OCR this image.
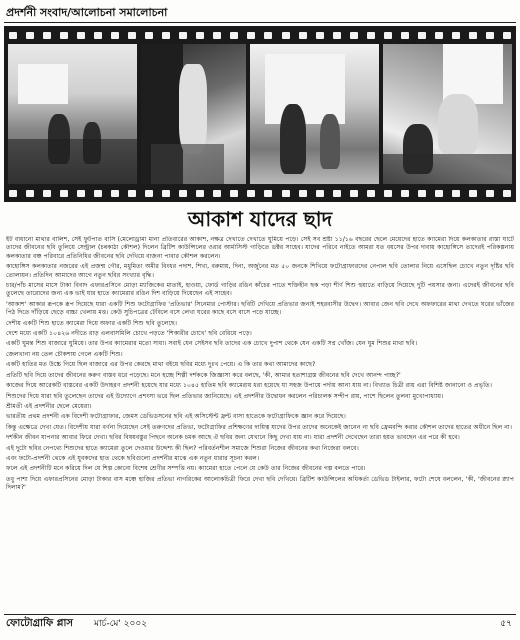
প্রদর্শনী সংবাদ/আলোচনা সমালোচনা
আকাশ যাদের ছাদ

ইট বাধানো মাথার বালিশ, সেই ফুটপাত বাসি (মেলোড্রামা মানা প্রতিবারের আকাশ, নক্ষত্র দেখাতে দেখাতে ঘুমিয়ে পড়ে। সেই সব শ্রষ্টা ১১/১৬ বছরের ছেলে মেয়েদের হাতে ক্যামেরা দিয়ে কলকাতার রাস্তা ঘাটে তাদের জীবনের ছবি তুলিয়ে সেন্ট্রাল (চৰকাঠা কৌশল) দিলেন ব্রিটিশ কাউন্সিলের ওরার আর্মাসিস্ট গাড়িতে ডক্টর সাহেব। যাদের পরিবে নাইতে আমরা যত বয়সের উপর দাবায় কাহোঙ্গিসে তাদেরই পরিকল্পনায় কলকাতার বঞ্চ পরিবারে প্রতিনিধির জীবনের ছবি দেখিয়ে বাজনা পাবার কৌশল করলেন।

কাহোঙ্গিস কলকাতার নজরের এই প্রজন্ম গৌর, মধুমিতা অমীর বিংধর পদাশ, শিখা, বরুমায়, দিনা, অর্জুনের মত ৫০ জনকে শিখিয়ে ফটোগ্রাফারদের নেপাল ছবি তোলার নিয়ে এসেছিল চোখে নতুন দৃষ্টির ছবি তোলায়ন। প্রতিদিন আমাদের আগে নতুন ছবির সংখ্যার বৃদ্ধি।

চার/পাঁচ মাসের মাসে টাকা বিবাদ এফারপ্রসিনে মোড়া ম্যাজিকের মাতাই, হাওয়া, ফোর্ড গাড়ির রঙিন কাঁচের পাতে শক্তিহীন ছক পড়া শীর্ণ শিশু হুয়াতে বাড়িয়ে দিয়েছে দুটি পয়সার জন্য। এদেরই জীবনের ছবি তুলেছে তারোদের জন্য এক ভাই যার হাতে ক্যামেরার রঙিন দিশ বাড়িয়ে দিয়েছেন এই সাহেব।

'আকাশ' আকার রূপকে রূপ দিয়েছে যারা একটি শিশু ফটোগ্রাফির 'প্রতিভার' সিনেমার পোস্টার। ছবিটি দেখিয়ে প্রতিভার জন্যই শহরবাসীর উদ্বেগ। আবার জেন ছবি দেখে অফফারের মাথা দেখতে ঘরের ভাঁজের পিঠ দিতে দাঁড়িয়ে ছেড়ে বাচ্চা খেলায় মত্ত। কেউ সুচিপত্রের টেবিলে বসে লেখা ঘরের কাছে বসে বাসে পড়ে যাচ্ছে।

দেশীয় একটি শিশু হাতে ক্যামেরা দিয়ে অফার একটি শিশু ছবি তুলেছে।

দেশে মধ্যে একটি ১০৪২৬ নদীতে রাড় এলবাসমিলি চোখে পড়তে 'শিকারীর চোখে' ছবি বেরিয়ে পড়ে।

একটি ঘুমন্ত শিশু বাজারে ঘুমিয়ে। তার উপর ক্যামেরার মতো সাধা। সবাই যেন সেইসব ছবি তাদের এক চোখে দুপাশ থেকে যেন একটি সপ্ন খোঁজ। যেন ঘুম শিশুর মাথা ছবি।

জেলখানা নয় তেল চৌকশায় গেলে একটি শিশু।

একটি হাতির মত উচ্চে গিয়ে ছিল বাজারে এর উপর কেরছে মাথা বইয়ে ছবির মধ্যে দুঃখ পেয়ে। এ কি তার কথা আমাদের কাছে?

প্রতিটি ছবি দিয়ে তাদের জীবনের করুণ বাস্তব ধরে পড়েছে। মনে হচ্ছে শিল্পী দর্শককে জিজ্ঞাসা করে বলছে, 'কী, আমার হতাশাগ্রস্ত জীবনের ছবি দেখে আনন্দ পাচ্ছ?'

কাজের দিয়ে আরেকটি বাস্তবের একটি উদাহরণ প্রদর্শনী হয়েছে যার মধ্যে ১০৪৫ হাতিম ছবি ক্যামেরায় ধরা হয়েছে যা সহজ উপায়ে পর্দায় আনা যায় না। বিখ্যাত চিত্রী রায় এরা বিশিষ্ট জানানো ও প্রভৃতি।

শিশুদের দিয়ে যারা ছবি তুলেছেন তাদের এই উদ্যোগে প্রশংসা ভরে ছিল প্রতিভার জানিয়েছে। এই প্রদর্শনীর উদ্বোধন করলেন পরিচালক সন্দীপ রায়, পাশে ছিলেন তুলনা মুখোপাধ্যায়।

শ্রীমতী এই প্রদর্শনীর ছেলে মেয়েরা।

ভারতীয় প্রথম প্রদর্শনী এক বিদেশী ফটোগ্রাফার, জেমস ডেভিডসনের ছবি এই অসিস্টেন্ট ফ্রন্ট বাসা হাতেকে ফটোগ্রাফিকে জ্ঞান করে দিয়েছে।

কিন্তু এক্ষেত্রে দেখা যেত। বিদেশীয় যারা বর্ণনা দিয়েছেন সেই তরুণদের প্রতিভা, ফটোগ্রাফির প্রশিক্ষণের দায়িত্ব যাদের উপর তাদের অনেকেই জানেন না ছবি ফ্রেমবন্দি করার কৌশল তাদের হাতের অধীনে ছিল না।

দর্শকীন জীবন যাপনার আবার ফিরে দেখা। ছবির বিষয়বস্তুর পিছনে অনেক চমক আছে ঐ ছবির জন্য যেখানে কিছু দেখা যায় না। যারা প্রদর্শনী দেখেছেন তারা হয়ত ভাবছেন এর পরে কী হবে।

এই দুটো ছবির নেপথ্যে শিশুদের হাতে ক্যামেরা তুলে দেওয়ার উদ্দেশ্য কী ছিল? পরিবর্তনশীল সমাজে শিশুরা নিজের জীবনের কথা নিজেরা বলবে।

এবং ফটো-প্রদর্শনী থেকে এই যুবকদের হাত থেকে ছবিগুলো প্রদর্শনীর মাঝে এক নতুন ধারার সূচনা করল।

ফলে এই প্রদর্শনীটি মনে করিয়ে দিল যে শিল্প কোনো বিশেষ শ্রেণীর সম্পত্তি নয়। ক্যামেরা হাতে পেলে যে কেউ তার নিজের জীবনের গল্প বলতে পারে।

তবু পাশা দিয়ে এফারপ্রসিনের মোড়া টাকার বাস মঞ্চে হাজির প্রতিভা নাগরিকের আলোকচিত্রী ফিরে দেখা ছবি দেখিয়ে। ব্রিটিশ কাউন্সিলের অধিকর্তা ডেভিড টাইলার, ফটো শেষে বললেন, 'কী, 'জীবনের স্ন্যাপ দিলাম?'

ফোটোগ্রাফি প্লাস মার্চ-মে' ২০০২	৫৭
